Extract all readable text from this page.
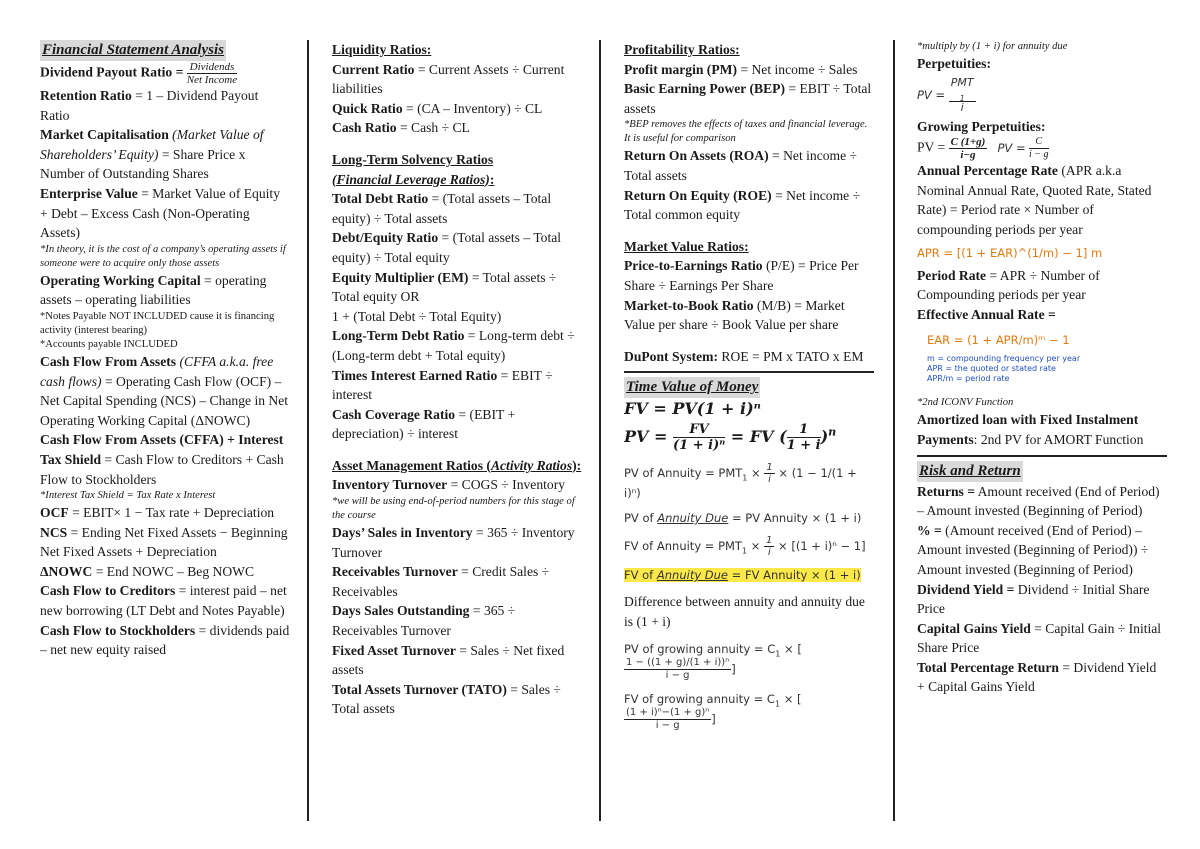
Financial Statement Analysis

Dividend Payout Ratio = $\frac{\text{Dividends}}{\text{Net Income}}$

Retention Ratio = 1 – Dividend Payout Ratio

Market Capitalisation (Market Value of Shareholders’ Equity) = Share Price x Number of Outstanding Shares

Enterprise Value = Market Value of Equity + Debt – Excess Cash (Non-Operating Assets)

*In theory, it is the cost of a company’s operating assets if someone were to acquire only those assets

Operating Working Capital = operating assets – operating liabilities

*Notes Payable NOT INCLUDED cause it is financing activity (interest bearing)

*Accounts payable INCLUDED

Cash Flow From Assets (CFFA a.k.a. free cash flows) = Operating Cash Flow (OCF) – Net Capital Spending (NCS) – Change in Net Operating Working Capital (ΔNOWC)

Cash Flow From Assets (CFFA) + Interest Tax Shield = Cash Flow to Creditors + Cash Flow to Stockholders

*Interest Tax Shield = Tax Rate x Interest

OCF = EBIT× 1 − Tax rate + Depreciation

NCS = Ending Net Fixed Assets − Beginning Net Fixed Assets + Depreciation

ΔNOWC = End NOWC – Beg NOWC

Cash Flow to Creditors = interest paid – net new borrowing (LT Debt and Notes Payable)

Cash Flow to Stockholders = dividends paid – net new equity raised

Liquidity Ratios:

Current Ratio = Current Assets ÷ Current liabilities

Quick Ratio = (CA – Inventory) ÷ CL

Cash Ratio = Cash ÷ CL

Long-Term Solvency Ratios
(Financial Leverage Ratios):

Total Debt Ratio = (Total assets – Total equity) ÷ Total assets

Debt/Equity Ratio = (Total assets – Total equity) ÷ Total equity

Equity Multiplier (EM) = Total assets ÷ Total equity OR
1 + (Total Debt ÷ Total Equity)

Long-Term Debt Ratio = Long-term debt ÷ (Long-term debt + Total equity)

Times Interest Earned Ratio = EBIT ÷ interest

Cash Coverage Ratio = (EBIT + depreciation) ÷ interest

Asset Management Ratios (Activity Ratios):

Inventory Turnover = COGS ÷ Inventory

*we will be using end-of-period numbers for this stage of the course

Days’ Sales in Inventory = 365 ÷ Inventory Turnover

Receivables Turnover = Credit Sales ÷ Receivables

Days Sales Outstanding = 365 ÷ Receivables Turnover

Fixed Asset Turnover = Sales ÷ Net fixed assets

Total Assets Turnover (TATO) = Sales ÷ Total assets

Profitability Ratios:

Profit margin (PM) = Net income ÷ Sales

Basic Earning Power (BEP) = EBIT ÷ Total assets

*BEP removes the effects of taxes and financial leverage. It is useful for comparison

Return On Assets (ROA) = Net income ÷ Total assets

Return On Equity (ROE) = Net income ÷ Total common equity

Market Value Ratios:

Price-to-Earnings Ratio (P/E) = Price Per Share ÷ Earnings Per Share

Market-to-Book Ratio (M/B) = Market Value per share ÷ Book Value per share

DuPont System: ROE = PM x TATO x EM

Time Value of Money

FV = PV(1 + i)ⁿ

PV = $\frac{FV}{\text{(1 + i)ⁿ}}$ = FV ( $\frac{1}{1 + i} )^n$

PV of Annuity = $PMT_1 \times \frac{1}{i} \times (1 - 1/(1 + i)^n)$

PV of Annuity Due = PV Annuity × (1 + i)

FV of Annuity = $PMT_1 \times \frac{1}{i} \times [(1 + i)^n - 1]$

FV of Annuity Due = FV Annuity × (1 + i)

Difference between annuity and annuity due is (1 + i)

PV of growing annuity = $C_1$ × [
$\frac{\text{1 − ((1 + g)/(1 + i))ⁿ}}{i - g}$ ]

FV of growing annuity = $C_1$ × [
$\frac{\text{(1 + i)ⁿ−(1 + g)ⁿ}}{i - g}$ ]

*multiply by (1 + i) for annuity due

Perpetuities:

PV = PMT
$_1$
i

Growing Perpetuities:

PV = $\frac{C (1+g)}{i-g}$ PV = $\frac{C}{i - g}$

Annual Percentage Rate (APR a.k.a Nominal Annual Rate, Quoted Rate, Stated Rate) = Period rate × Number of compounding periods per year

APR = [(1 + EAR)^(1/m) − 1] m

Period Rate = APR ÷ Number of Compounding periods per year

Effective Annual Rate =

EAR = (1 + APR/m)ᵐ − 1

m = compounding frequency per year

APR = the quoted or stated rate

APR/m = period rate

*2nd ICONV Function

Amortized loan with Fixed Instalment Payments: 2nd PV for AMORT Function

Risk and Return

Returns = Amount received (End of Period) – Amount invested (Beginning of Period)

% = (Amount received (End of Period) – Amount invested (Beginning of Period)) ÷ Amount invested (Beginning of Period)

Dividend Yield = Dividend ÷ Initial Share Price

Capital Gains Yield = Capital Gain ÷ Initial Share Price

Total Percentage Return = Dividend Yield + Capital Gains Yield
